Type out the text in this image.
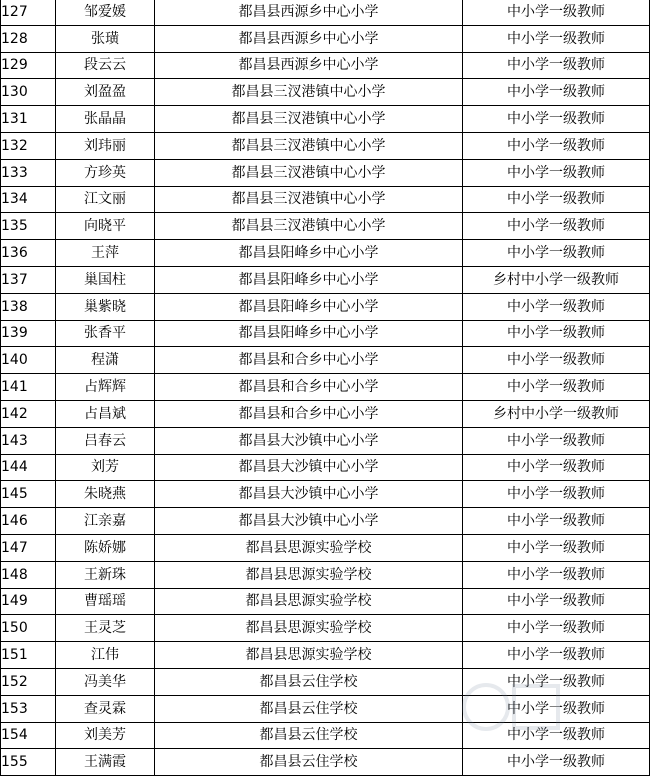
127	邹爱媛	都昌县西源乡中心小学	中小学一级教师
128	张璜	都昌县西源乡中心小学	中小学一级教师
129	段云云	都昌县西源乡中心小学	中小学一级教师
130	刘盈盈	都昌县三汊港镇中心小学	中小学一级教师
131	张晶晶	都昌县三汊港镇中心小学	中小学一级教师
132	刘玮丽	都昌县三汊港镇中心小学	中小学一级教师
133	方珍英	都昌县三汊港镇中心小学	中小学一级教师
134	江文丽	都昌县三汊港镇中心小学	中小学一级教师
135	向晓平	都昌县三汊港镇中心小学	中小学一级教师
136	王萍	都昌县阳峰乡中心小学	中小学一级教师
137	巢国柱	都昌县阳峰乡中心小学	乡村中小学一级教师
138	巢紫晓	都昌县阳峰乡中心小学	中小学一级教师
139	张香平	都昌县阳峰乡中心小学	中小学一级教师
140	程潇	都昌县和合乡中心小学	中小学一级教师
141	占辉辉	都昌县和合乡中心小学	中小学一级教师
142	占昌斌	都昌县和合乡中心小学	乡村中小学一级教师
143	吕春云	都昌县大沙镇中心小学	中小学一级教师
144	刘芳	都昌县大沙镇中心小学	中小学一级教师
145	朱晓燕	都昌县大沙镇中心小学	中小学一级教师
146	江亲嘉	都昌县大沙镇中心小学	中小学一级教师
147	陈娇娜	都昌县思源实验学校	中小学一级教师
148	王新珠	都昌县思源实验学校	中小学一级教师
149	曹瑶瑶	都昌县思源实验学校	中小学一级教师
150	王灵芝	都昌县思源实验学校	中小学一级教师
151	江伟	都昌县思源实验学校	中小学一级教师
152	冯美华	都昌县云住学校	中小学一级教师
153	查灵霖	都昌县云住学校	中小学一级教师
154	刘美芳	都昌县云住学校	中小学一级教师
155	王满霞	都昌县云住学校	中小学一级教师
